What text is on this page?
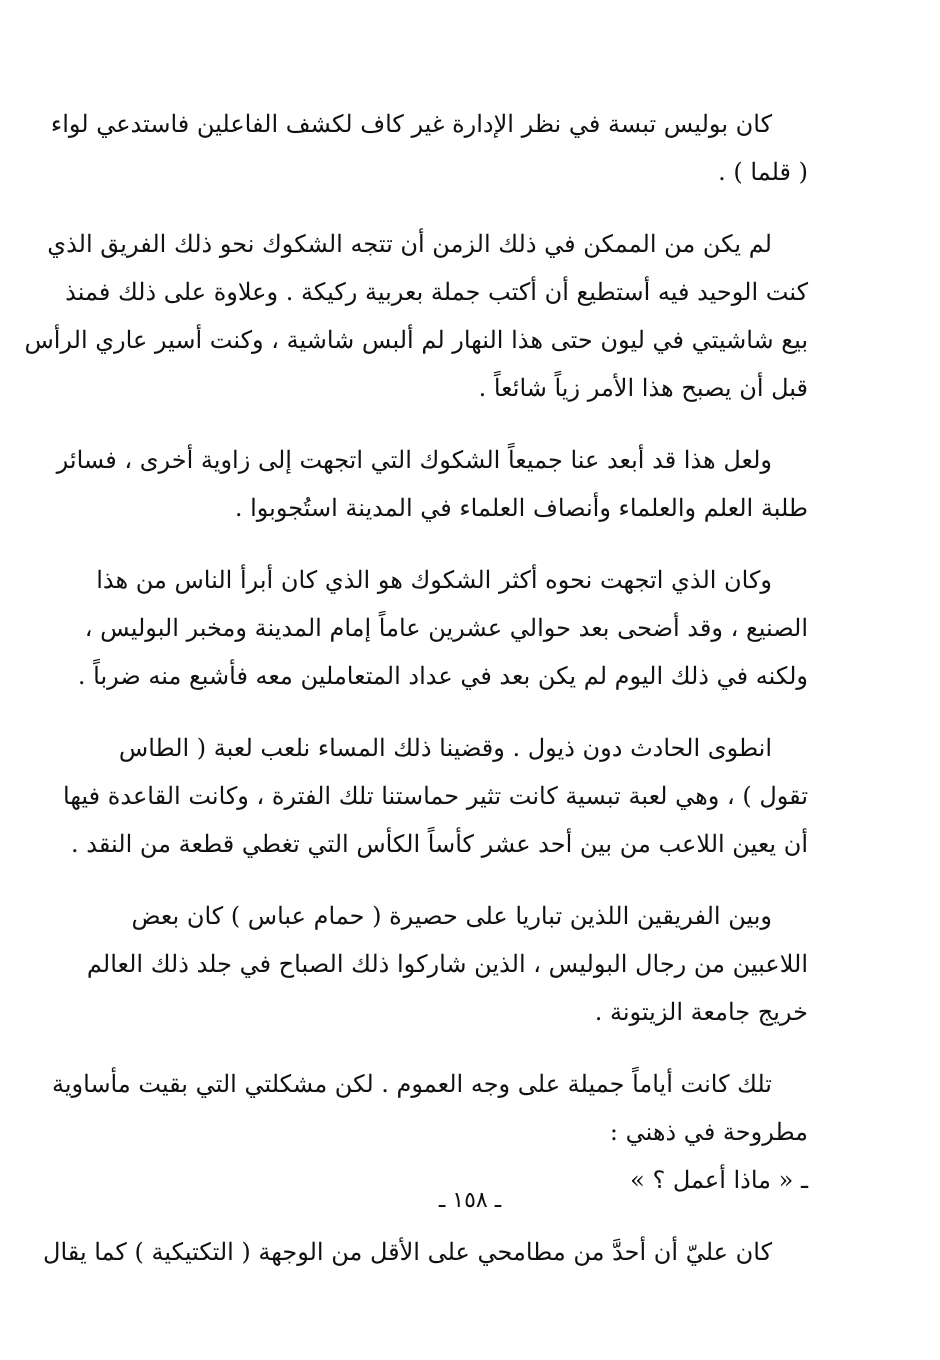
كان بوليس تبسة في نظر الإدارة غير كاف لكشف الفاعلين فاستدعي لواء
( قلما ) .
لم يكن من الممكن في ذلك الزمن أن تتجه الشكوك نحو ذلك الفريق الذي
كنت الوحيد فيه أستطيع أن أكتب جملة بعربية ركيكة . وعلاوة على ذلك فمنذ
بيع شاشيتي في ليون حتى هذا النهار لم ألبس شاشية ، وكنت أسير عاري الرأس
قبل أن يصبح هذا الأمر زياً شائعاً .
ولعل هذا قد أبعد عنا جميعاً الشكوك التي اتجهت إلى زاوية أخرى ، فسائر
طلبة العلم والعلماء وأنصاف العلماء في المدينة استُجوبوا .
وكان الذي اتجهت نحوه أكثر الشكوك هو الذي كان أبرأ الناس من هذا
الصنيع ، وقد أضحى بعد حوالي عشرين عاماً إمام المدينة ومخبر البوليس ،
ولكنه في ذلك اليوم لم يكن بعد في عداد المتعاملين معه فأشبع منه ضرباً .
انطوى الحادث دون ذيول . وقضينا ذلك المساء نلعب لعبة ( الطاس
تقول ) ، وهي لعبة تبسية كانت تثير حماستنا تلك الفترة ، وكانت القاعدة فيها
أن يعين اللاعب من بين أحد عشر كأساً الكأس التي تغطي قطعة من النقد .
وبين الفريقين اللذين تباريا على حصيرة ( حمام عباس ) كان بعض
اللاعبين من رجال البوليس ، الذين شاركوا ذلك الصباح في جلد ذلك العالم
خريج جامعة الزيتونة .
تلك كانت أياماً جميلة على وجه العموم . لكن مشكلتي التي بقيت مأساوية
مطروحة في ذهني :
ـ « ماذا أعمل ؟ »
كان عليّ أن أحدَّ من مطامحي على الأقل من الوجهة ( التكتيكية ) كما يقال
ـ ١٥٨ ـ
